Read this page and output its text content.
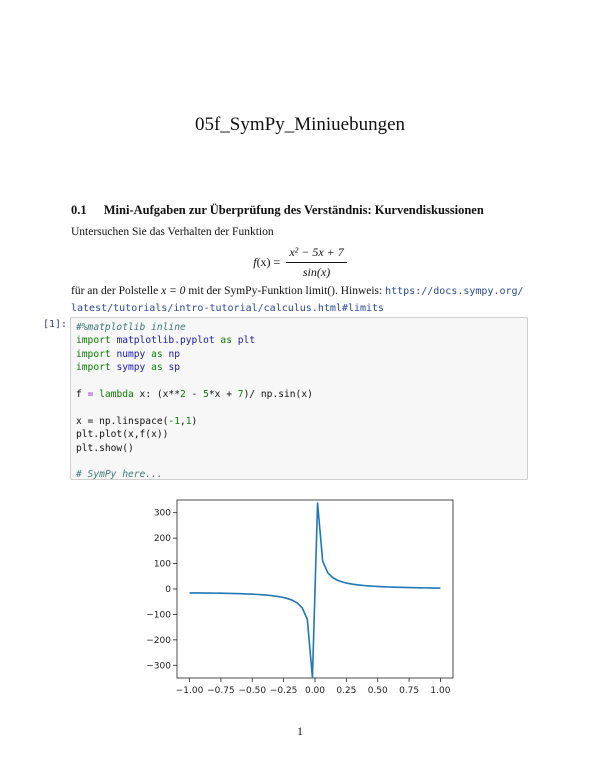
05f_SymPy_Miniuebungen
0.1 Mini-Aufgaben zur Überprüfung des Verständnis: Kurvendiskussionen
Untersuchen Sie das Verhalten der Funktion
$f(x) = \frac{\text{x² − 5x + 7}}{\sin(x)}$
für an der Polstelle x = 0 mit der SymPy-Funktion limit(). Hinweis: https://docs.sympy.org/
latest/tutorials/intro-tutorial/calculus.html#limits
[1]: #%matplotlib inline
import matplotlib.pyplot as plt
import numpy as np
import sympy as sp
f = lambda x: (x**2 - 5*x + 7)/ np.sin(x)
x = np.linspace(-1,1)
plt.plot(x,f(x))
plt.show()
# SymPy here...
−1.00 −0.75 −0.50 −0.25 0.00 0.25 0.50 0.75 1.00
300
200
100
0
−100
−200
−300
1
